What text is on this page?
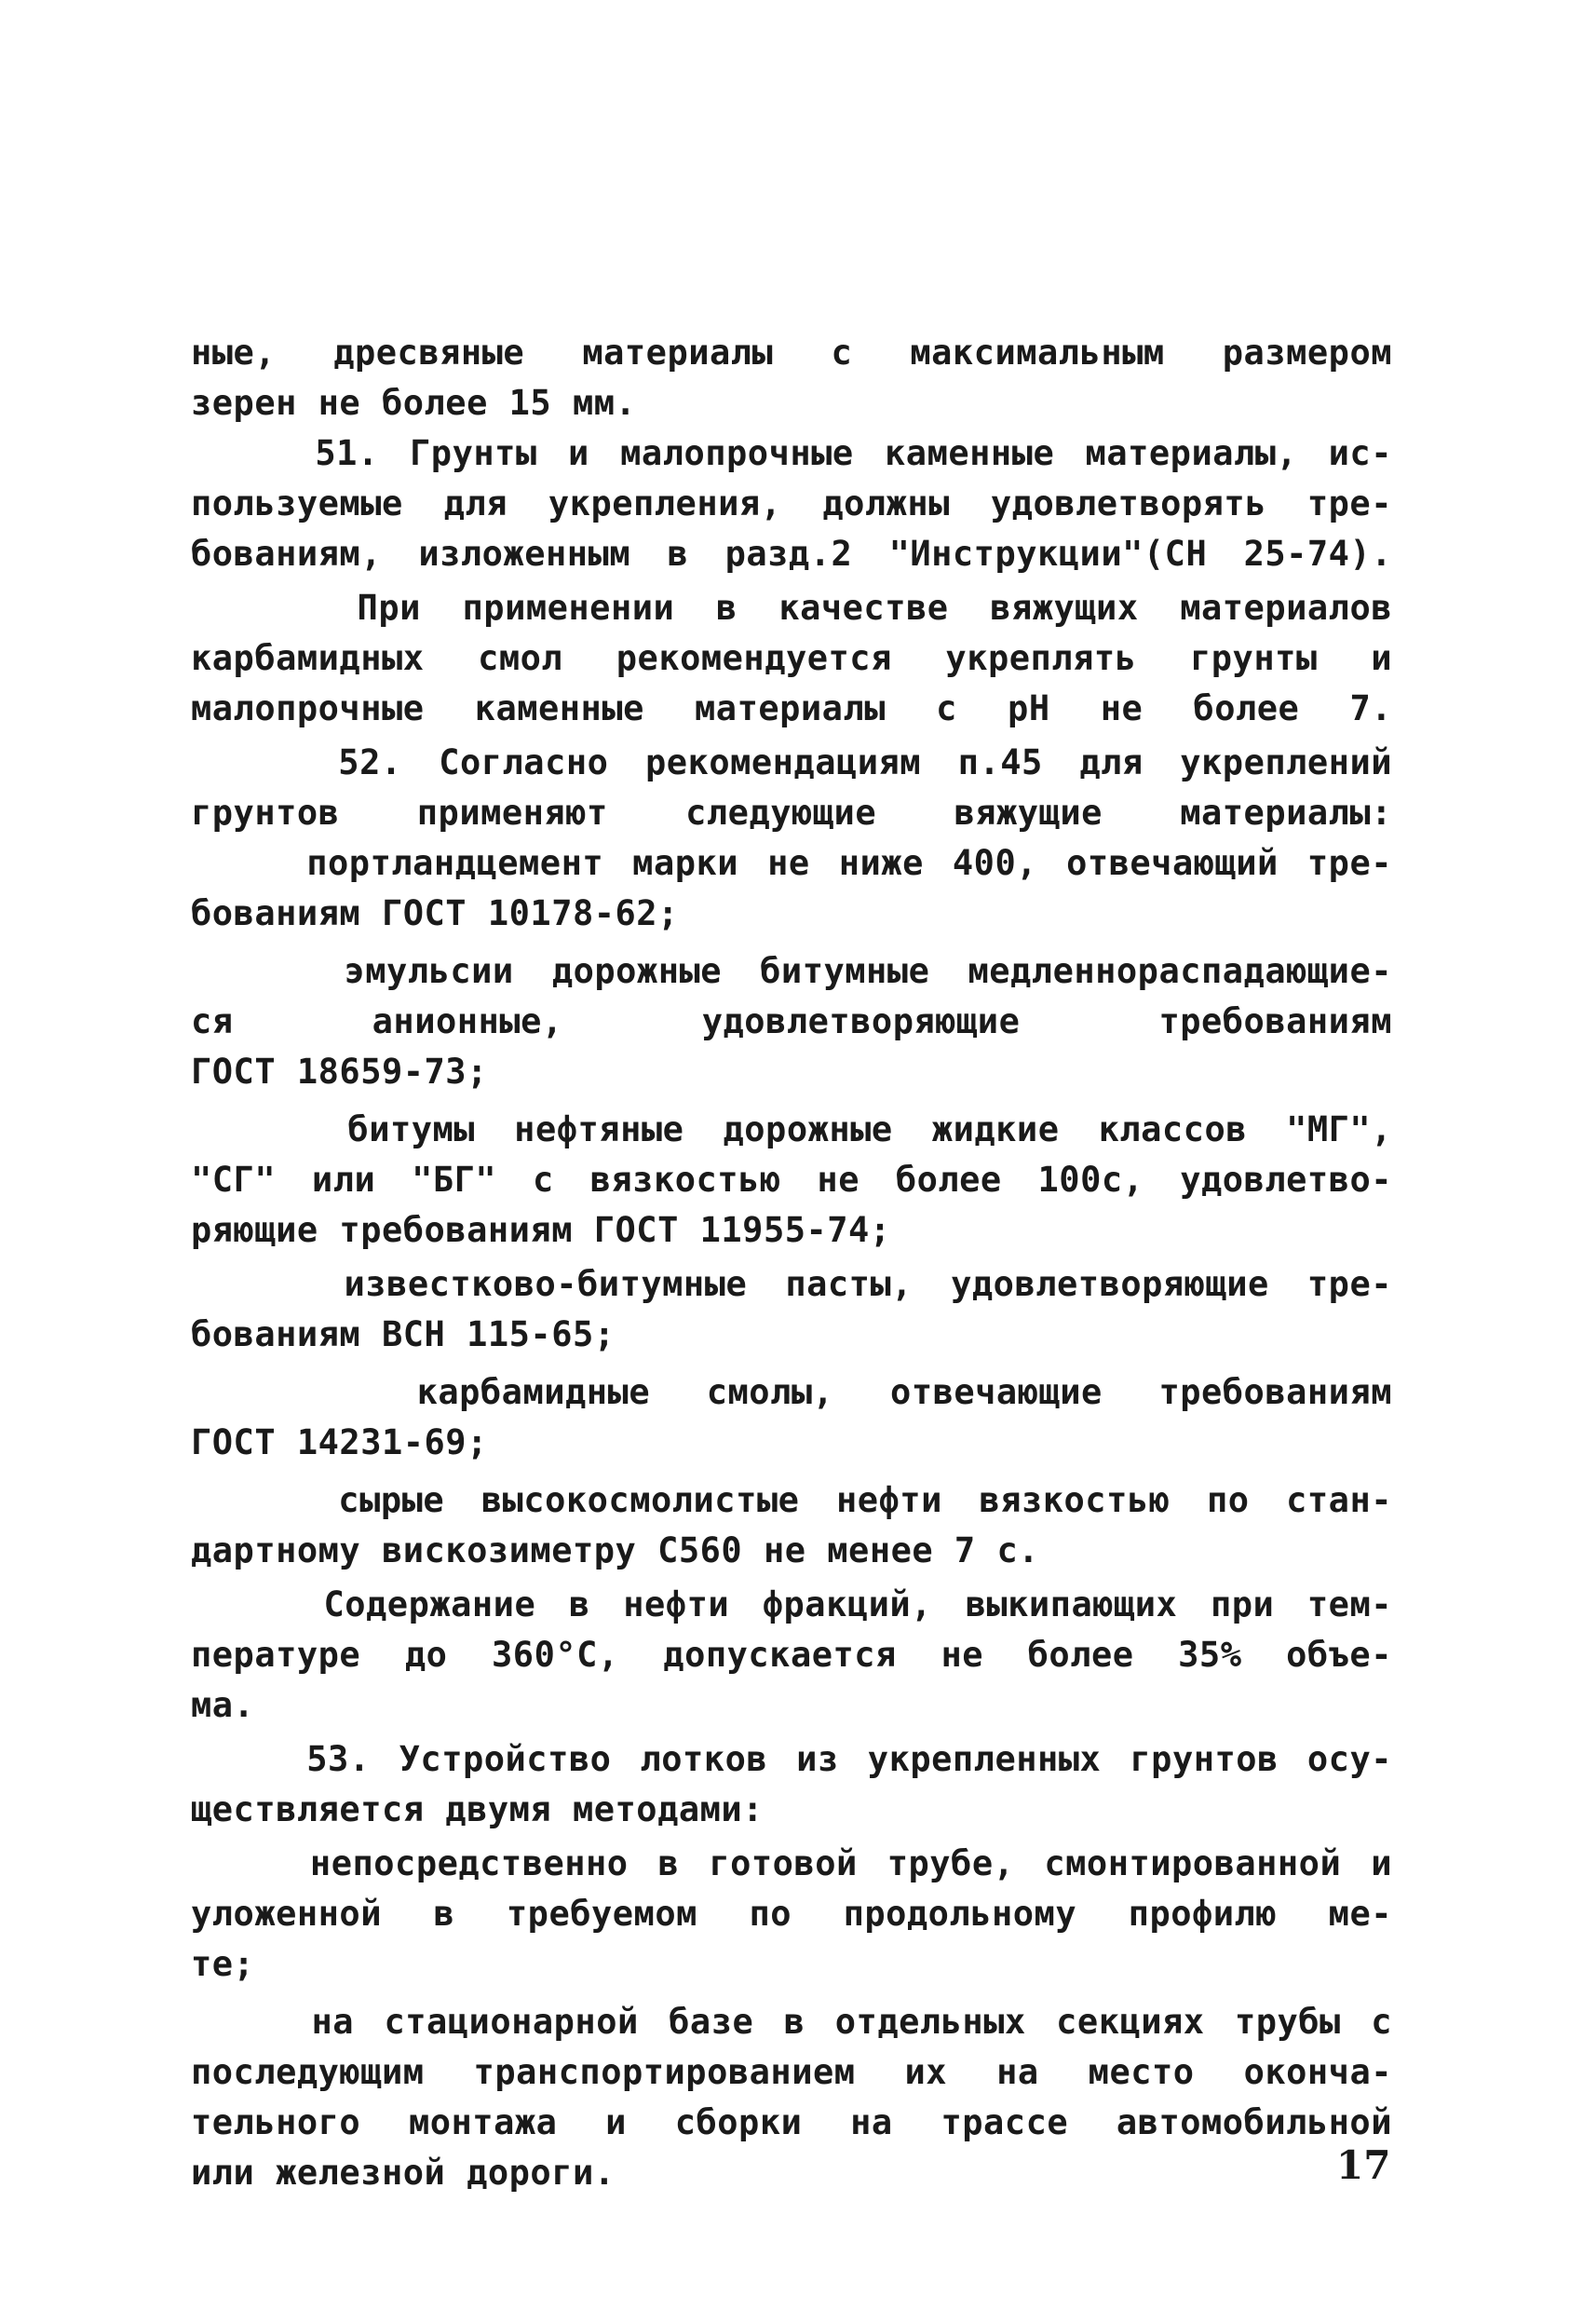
ные, дресвяные материалы с максимальным размером
зерен не более 15 мм.
51. Грунты и малопрочные каменные материалы, ис-
пользуемые для укрепления, должны удовлетворять тре-
бованиям, изложенным в разд.2 "Инструкции"(СН 25-74).
При применении в качестве вяжущих материалов
карбамидных смол рекомендуется укреплять грунты и
малопрочные каменные материалы с рН не более 7.
52. Согласно рекомендациям п.45 для укреплений
грунтов применяют следующие вяжущие материалы:
портландцемент марки не ниже 400, отвечающий тре-
бованиям ГОСТ 10178-62;
эмульсии дорожные битумные медленнораспадающие-
ся анионные, удовлетворяющие требованиям
ГОСТ 18659-73;
битумы нефтяные дорожные жидкие классов "МГ",
"СГ" или "БГ" с вязкостью не более 100с, удовлетво-
ряющие требованиям ГОСТ 11955-74;
известково-битумные пасты, удовлетворяющие тре-
бованиям ВСН 115-65;
карбамидные смолы, отвечающие требованиям
ГОСТ 14231-69;
сырые высокосмолистые нефти вязкостью по стан-
дартному вискозиметру С560 не менее 7 с.
Содержание в нефти фракций, выкипающих при тем-
пературе до 360°С, допускается не более 35% объе-
ма.
53. Устройство лотков из укрепленных грунтов осу-
ществляется двумя методами:
непосредственно в готовой трубе, смонтированной и
уложенной в требуемом по продольному профилю ме-
те;
на стационарной базе в отдельных секциях трубы с
последующим транспортированием их на место оконча-
тельного монтажа и сборки на трассе автомобильной
или железной дороги.	17
